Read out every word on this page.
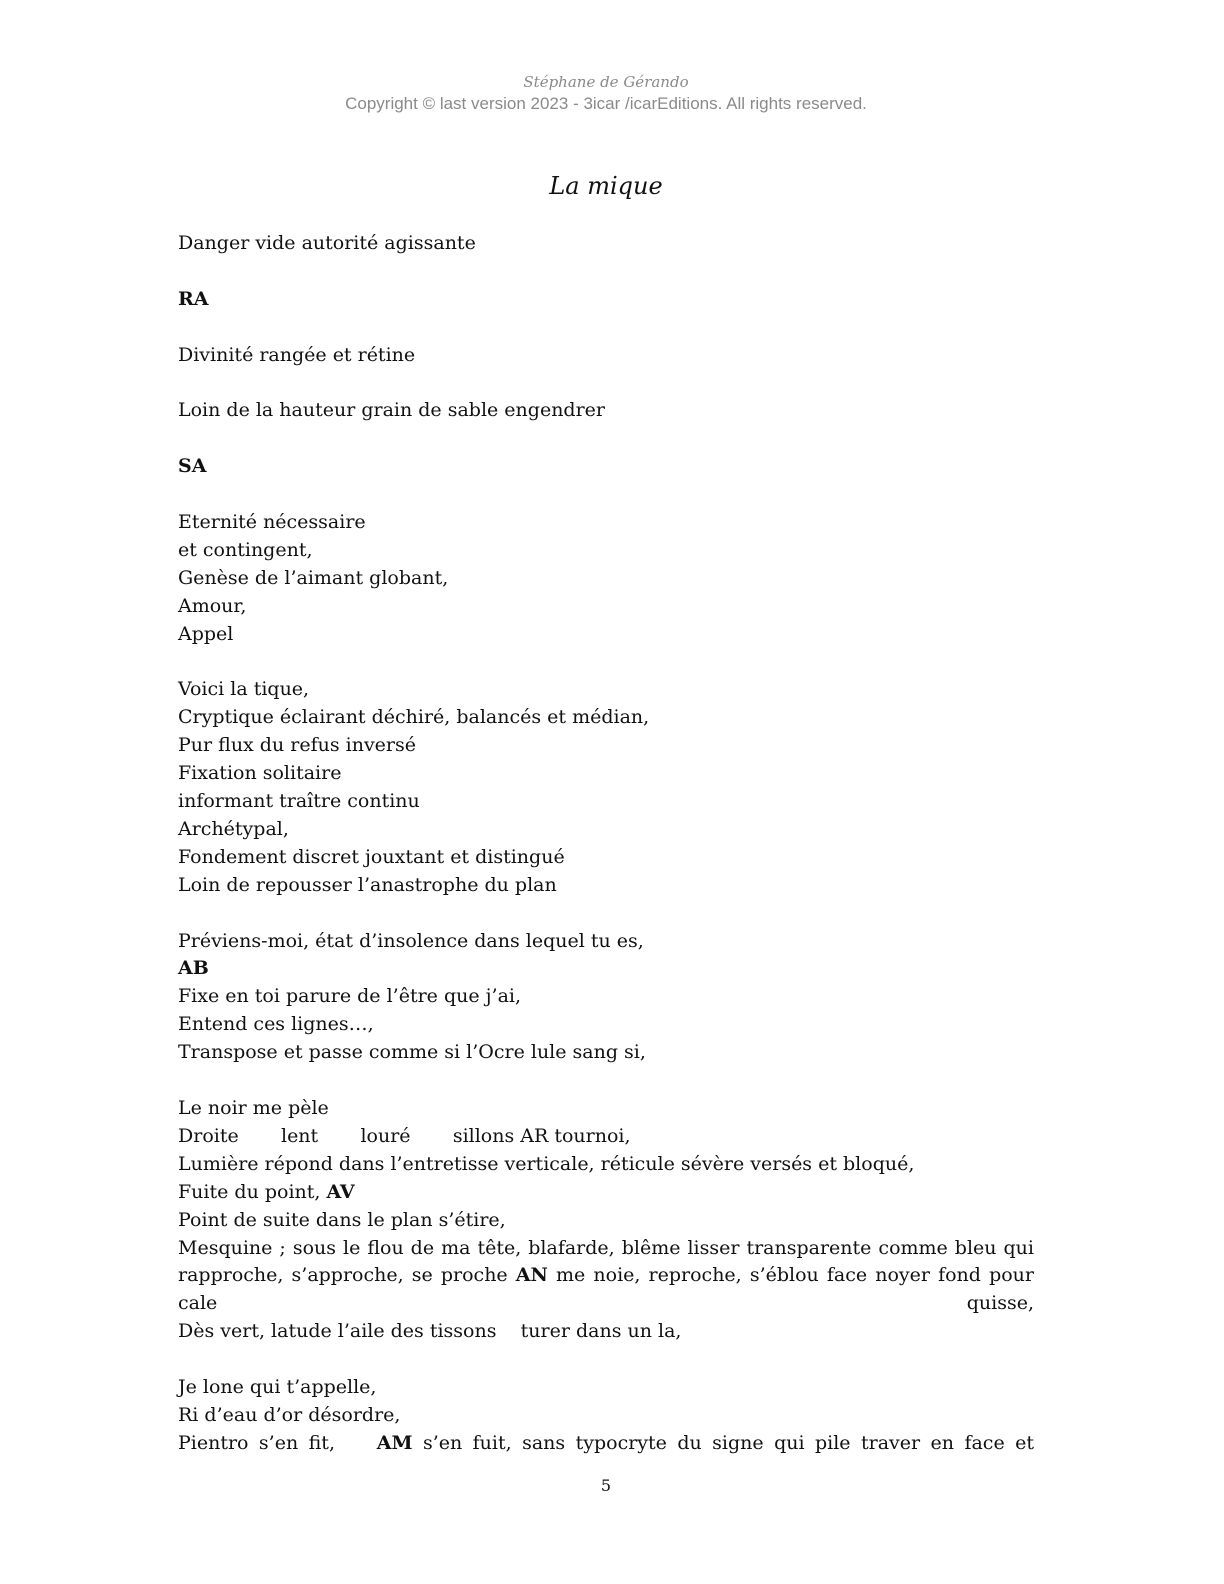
Stéphane de Gérando
Copyright © last version 2023 - 3icar /icarEditions. All rights reserved.
La mique
Danger vide autorité agissante
RA
Divinité rangée et rétine
Loin de la hauteur grain de sable engendrer
SA
Eternité nécessaire
et contingent,
Genèse de l’aimant globant,
Amour,
Appel
Voici la tique,
Cryptique éclairant déchiré, balancés et médian,
Pur flux du refus inversé
Fixation solitaire
informant traître continu
Archétypal,
Fondement discret jouxtant et distingué
Loin de repousser l’anastrophe du plan
Préviens-moi, état d’insolence dans lequel tu es,
AB
Fixe en toi parure de l’être que j’ai,
Entend ces lignes…,
Transpose et passe comme si l’Ocre lule sang si,
Le noir me pèle
Droite       lent       louré       sillons AR tournoi,
Lumière répond dans l’entretisse verticale, réticule sévère versés et bloqué,
Fuite du point, AV
Point de suite dans le plan s’étire,
Mesquine ; sous le flou de ma tête, blafarde, blême lisser transparente comme bleu qui rapproche, s’approche, se proche AN me noie, reproche, s’éblou face noyer fond pour cale quisse,
Dès vert, latude l’aile des tissons    turer dans un la,
Je lone qui t’appelle,
Ri d’eau d’or désordre,
Pientro s’en fit,    AM s’en fuit, sans typocryte du signe qui pile traver en face et
5
